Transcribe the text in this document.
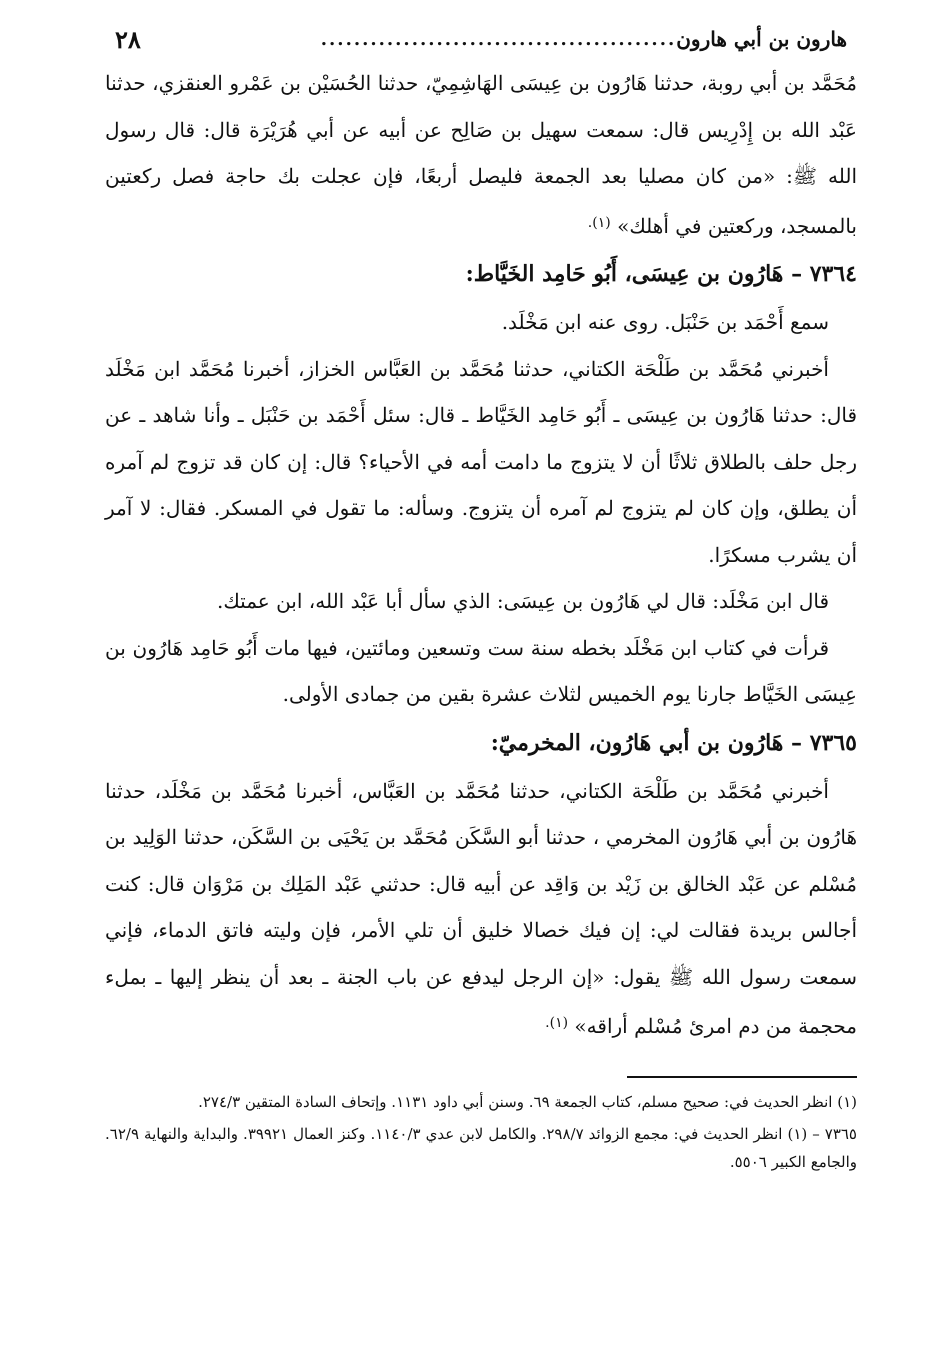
هارون بن أبي هارون
...........................................
٢٨

مُحَمَّد بن أبي روبة، حدثنا هَارُون بن عِيسَى الهَاشِمِيّ، حدثنا الحُسَيْن بن عَمْرو العنقزي، حدثنا عَبْد الله بن إِدْرِيس قال: سمعت سهيل بن صَالِح عن أبيه عن أبي هُرَيْرَة قال: قال رسول الله ﷺ: «من كان مصليا بعد الجمعة فليصل أربعًا، فإن عجلت بك حاجة فصل ركعتين بالمسجد، وركعتين في أهلك» $^{(١).}$

٧٣٦٤ – هَارُون بن عِيسَى، أَبُو حَامِد الخَيَّاط:

سمع أَحْمَد بن حَنْبَل. روى عنه ابن مَخْلَد.

أخبرني مُحَمَّد بن طَلْحَة الكتاني، حدثنا مُحَمَّد بن العَبَّاس الخزاز، أخبرنا مُحَمَّد ابن مَخْلَد قال: حدثنا هَارُون بن عِيسَى ـ أَبُو حَامِد الخَيَّاط ـ قال: سئل أَحْمَد بن حَنْبَل ـ وأنا شاهد ـ عن رجل حلف بالطلاق ثلاثًا أن لا يتزوج ما دامت أمه في الأحياء؟ قال: إن كان قد تزوج لم آمره أن يطلق، وإن كان لم يتزوج لم آمره أن يتزوج. وسأله: ما تقول في المسكر. فقال: لا آمر أن يشرب مسكرًا.

قال ابن مَخْلَد: قال لي هَارُون بن عِيسَى: الذي سأل أبا عَبْد الله، ابن عمتك.

قرأت في كتاب ابن مَخْلَد بخطه سنة ست وتسعين ومائتين، فيها مات أَبُو حَامِد هَارُون بن عِيسَى الخَيَّاط جارنا يوم الخميس لثلاث عشرة بقين من جمادى الأولى.

٧٣٦٥ – هَارُون بن أبي هَارُون، المخرميّ:

أخبرني مُحَمَّد بن طَلْحَة الكتاني، حدثنا مُحَمَّد بن العَبَّاس، أخبرنا مُحَمَّد بن مَخْلَد، حدثنا هَارُون بن أبي هَارُون المخرمي ، حدثنا أبو السَّكَن مُحَمَّد بن يَحْيَى بن السَّكَن، حدثنا الوَلِيد بن مُسْلم عن عَبْد الخالق بن زَيْد بن وَاقِد عن أبيه قال: حدثني عَبْد المَلِك بن مَرْوَان قال: كنت أجالس بريدة فقالت لي: إن فيك خصالا خليق أن تلي الأمر، فإن وليته فاتق الدماء، فإني سمعت رسول الله ﷺ يقول: «إن الرجل ليدفع عن باب الجنة ـ بعد أن ينظر إليها ـ بملء محجمة من دم امرئ مُسْلم أراقه» $^{(١).}$

(١) انظر الحديث في: صحيح مسلم، كتاب الجمعة ٦٩. وسنن أبي داود ١١٣١. وإتحاف السادة المتقين ٢٧٤/٣.

٧٣٦٥ – (١) انظر الحديث في: مجمع الزوائد ٢٩٨/٧. والكامل لابن عدي ١١٤٠/٣. وكنز العمال ٣٩٩٢١. والبداية والنهاية ٦٢/٩. والجامع الكبير ٥٥٠٦.
